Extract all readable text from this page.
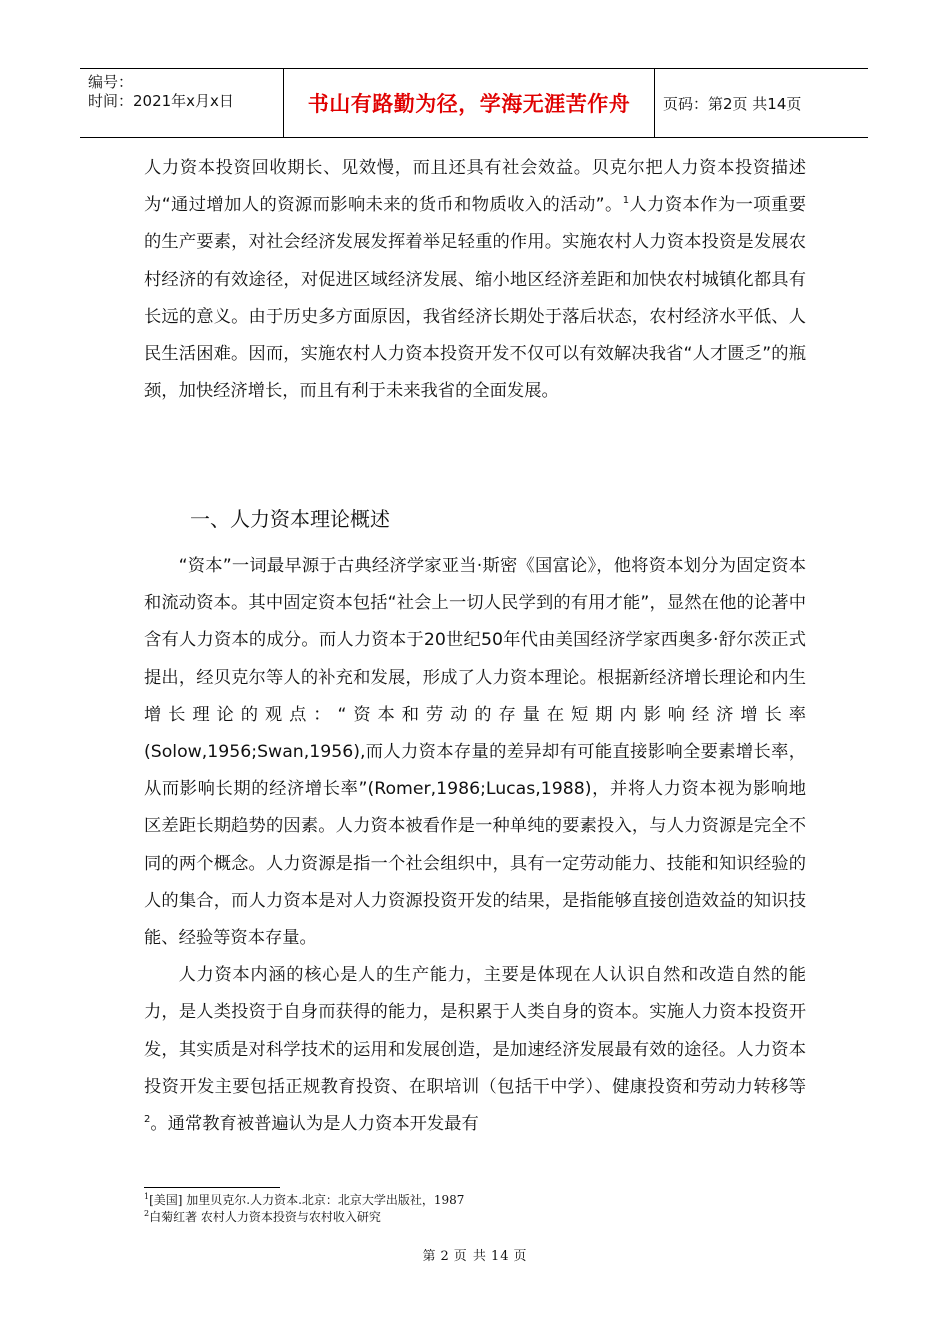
编号：
时间：2021年x月x日	书山有路勤为径，学海无涯苦作舟	页码：第2页 共14页

人力资本投资回收期长、见效慢，而且还具有社会效益。贝克尔把人力资本投资描述为“通过增加人的资源而影响未来的货币和物质收入的活动”。$^1$人力资本作为一项重要的生产要素，对社会经济发展发挥着举足轻重的作用。实施农村人力资本投资是发展农村经济的有效途径，对促进区域经济发展、缩小地区经济差距和加快农村城镇化都具有长远的意义。由于历史多方面原因，我省经济长期处于落后状态，农村经济水平低、人民生活困难。因而，实施农村人力资本投资开发不仅可以有效解决我省“人才匮乏”的瓶颈，加快经济增长，而且有利于未来我省的全面发展。

一、人力资本理论概述

“资本”一词最早源于古典经济学家亚当·斯密《国富论》，他将资本划分为固定资本和流动资本。其中固定资本包括“社会上一切人民学到的有用才能”，显然在他的论著中含有人力资本的成分。而人力资本于20世纪50年代由美国经济学家西奥多·舒尔茨正式提出，经贝克尔等人的补充和发展，形成了人力资本理论。根据新经济增长理论和内生增长理论的观点：“资本和劳动的存量在短期内影响经济增长率(Solow,1956;Swan,1956),而人力资本存量的差异却有可能直接影响全要素增长率，从而影响长期的经济增长率”(Romer,1986;Lucas,1988)，并将人力资本视为影响地区差距长期趋势的因素。人力资本被看作是一种单纯的要素投入，与人力资源是完全不同的两个概念。人力资源是指一个社会组织中，具有一定劳动能力、技能和知识经验的人的集合，而人力资本是对人力资源投资开发的结果，是指能够直接创造效益的知识技能、经验等资本存量。

人力资本内涵的核心是人的生产能力，主要是体现在人认识自然和改造自然的能力，是人类投资于自身而获得的能力，是积累于人类自身的资本。实施人力资本投资开发，其实质是对科学技术的运用和发展创造，是加速经济发展最有效的途径。人力资本投资开发主要包括正规教育投资、在职培训（包括干中学）、健康投资和劳动力转移等$^2$。通常教育被普遍认为是人力资本开发最有

$^1$[美国] 加里贝克尔.人力资本.北京：北京大学出版社，1987
$^2$白菊红著 农村人力资本投资与农村收入研究
第 2 页 共 14 页
